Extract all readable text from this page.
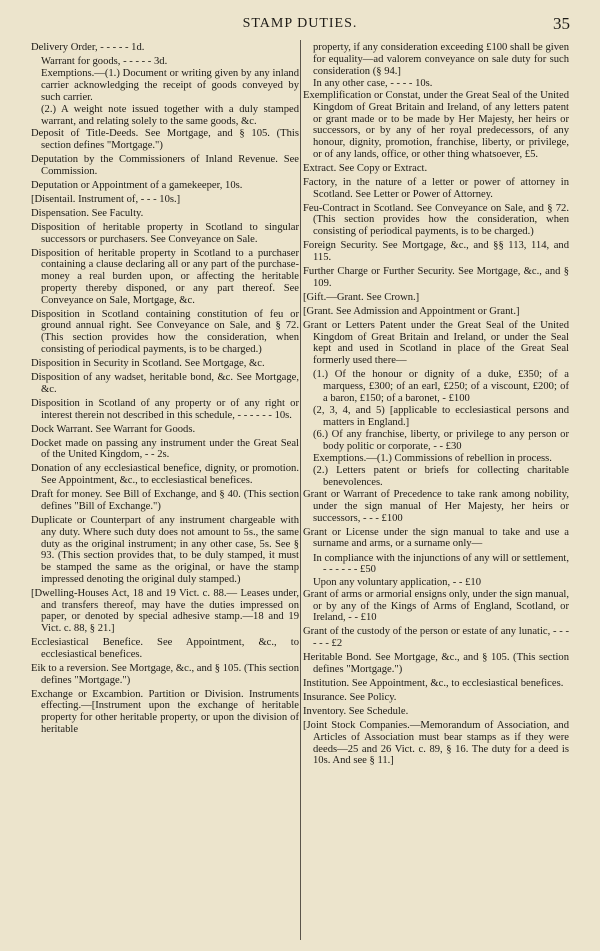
STAMP DUTIES.	35

Delivery Order, - - - - - 1d.

Warrant for goods, - - - - - 3d.

Exemptions.—(1.) Document or writing given by any inland carrier acknowledging the receipt of goods conveyed by such carrier.

(2.) A weight note issued together with a duly stamped warrant, and relating solely to the same goods, &c.

Deposit of Title-Deeds. See Mortgage, and § 105. (This section defines "Mortgage.")

Deputation by the Commissioners of Inland Revenue. See Commission.

Deputation or Appointment of a gamekeeper, 10s.

[Disentail. Instrument of, - - - 10s.]

Dispensation. See Faculty.

Disposition of heritable property in Scotland to singular successors or purchasers. See Conveyance on Sale.

Disposition of heritable property in Scotland to a purchaser containing a clause declaring all or any part of the purchase-money a real burden upon, or affecting the heritable property thereby disponed, or any part thereof. See Conveyance on Sale, Mortgage, &c.

Disposition in Scotland containing constitution of feu or ground annual right. See Conveyance on Sale, and § 72. (This section provides how the consideration, when consisting of periodical payments, is to be charged.)

Disposition in Security in Scotland. See Mortgage, &c.

Disposition of any wadset, heritable bond, &c. See Mortgage, &c.

Disposition in Scotland of any property or of any right or interest therein not described in this schedule, - - - - - - 10s.

Dock Warrant. See Warrant for Goods.

Docket made on passing any instrument under the Great Seal of the United Kingdom, - - 2s.

Donation of any ecclesiastical benefice, dignity, or promotion. See Appointment, &c., to ecclesiastical benefices.

Draft for money. See Bill of Exchange, and § 40. (This section defines "Bill of Exchange.")

Duplicate or Counterpart of any instrument chargeable with any duty. Where such duty does not amount to 5s., the same duty as the original instrument; in any other case, 5s. See § 93. (This section provides that, to be duly stamped, it must be stamped the same as the original, or have the stamp impressed denoting the original duly stamped.)

[Dwelling-Houses Act, 18 and 19 Vict. c. 88.— Leases under, and transfers thereof, may have the duties impressed on paper, or denoted by special adhesive stamp.—18 and 19 Vict. c. 88, § 21.]

Ecclesiastical Benefice. See Appointment, &c., to ecclesiastical benefices.

Eik to a reversion. See Mortgage, &c., and § 105. (This section defines "Mortgage.")

Exchange or Excambion. Partition or Division. Instruments effecting.—[Instrument upon the exchange of heritable property for other heritable property, or upon the division of heritable

property, if any consideration exceeding £100 shall be given for equality—ad valorem conveyance on sale duty for such consideration (§ 94.]

In any other case, - - - - 10s.

Exemplification or Constat, under the Great Seal of the United Kingdom of Great Britain and Ireland, of any letters patent or grant made or to be made by Her Majesty, her heirs or successors, or by any of her royal predecessors, of any honour, dignity, promotion, franchise, liberty, or privilege, or of any lands, office, or other thing whatsoever, £5.

Extract. See Copy or Extract.

Factory, in the nature of a letter or power of attorney in Scotland. See Letter or Power of Attorney.

Feu-Contract in Scotland. See Conveyance on Sale, and § 72. (This section provides how the consideration, when consisting of periodical payments, is to be charged.)

Foreign Security. See Mortgage, &c., and §§ 113, 114, and 115.

Further Charge or Further Security. See Mortgage, &c., and § 109.

[Gift.—Grant. See Crown.]

[Grant. See Admission and Appointment or Grant.]

Grant or Letters Patent under the Great Seal of the United Kingdom of Great Britain and Ireland, or under the Seal kept and used in Scotland in place of the Great Seal formerly used there—

(1.) Of the honour or dignity of a duke, £350; of a marquess, £300; of an earl, £250; of a viscount, £200; of a baron, £150; of a baronet, - £100

(2, 3, 4, and 5) [applicable to ecclesiastical persons and matters in England.]

(6.) Of any franchise, liberty, or privilege to any person or body politic or corporate, - - £30

Exemptions.—(1.) Commissions of rebellion in process.

(2.) Letters patent or briefs for collecting charitable benevolences.

Grant or Warrant of Precedence to take rank among nobility, under the sign manual of Her Majesty, her heirs or successors, - - - £100

Grant or License under the sign manual to take and use a surname and arms, or a surname only—

In compliance with the injunctions of any will or settlement, - - - - - - £50

Upon any voluntary application, - - £10

Grant of arms or armorial ensigns only, under the sign manual, or by any of the Kings of Arms of England, Scotland, or Ireland, - - £10

Grant of the custody of the person or estate of any lunatic, - - - - - - £2

Heritable Bond. See Mortgage, &c., and § 105. (This section defines "Mortgage.")

Institution. See Appointment, &c., to ecclesiastical benefices.

Insurance. See Policy.

Inventory. See Schedule.

[Joint Stock Companies.—Memorandum of Association, and Articles of Association must bear stamps as if they were deeds—25 and 26 Vict. c. 89, § 16. The duty for a deed is 10s. And see § 11.]
